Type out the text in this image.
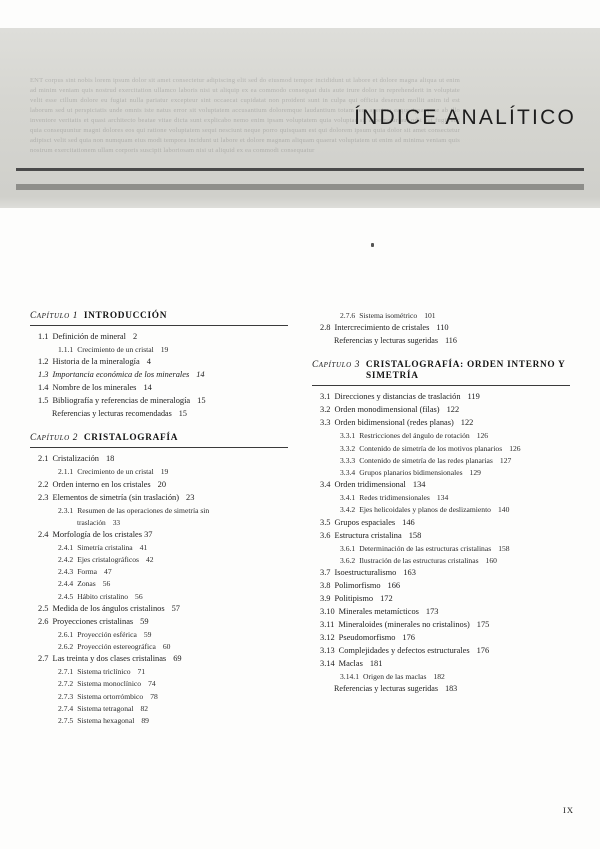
ENT corpus sint nobis lorem ipsum dolor sit amet consectetur adipiscing elit sed do eiusmod tempor incididunt ut labore et dolore magna aliqua ut enim ad minim veniam quis nostrud exercitation ullamco laboris nisi ut aliquip ex ea commodo consequat duis aute irure dolor in reprehenderit in voluptate velit esse cillum dolore eu fugiat nulla pariatur excepteur sint occaecat cupidatat non proident sunt in culpa qui officia deserunt mollit anim id est laborum sed ut perspiciatis unde omnis iste natus error sit voluptatem accusantium doloremque laudantium totam rem aperiam eaque ipsa quae ab illo inventore veritatis et quasi architecto beatae vitae dicta sunt explicabo nemo enim ipsam voluptatem quia voluptas sit aspernatur aut odit aut fugit sed quia consequuntur magni dolores eos qui ratione voluptatem sequi nesciunt neque porro quisquam est qui dolorem ipsum quia dolor sit amet consectetur adipisci velit sed quia non numquam eius modi tempora incidunt ut labore et dolore magnam aliquam quaerat voluptatem ut enim ad minima veniam quis nostrum exercitationem ullam corporis suscipit laboriosam nisi ut aliquid ex ea commodi consequatur
ÍNDICE ANALÍTICO
Capítulo 1  INTRODUCCIÓN
1.1 Definición de mineral 2
1.1.1 Crecimiento de un cristal 19
1.2 Historia de la mineralogía 4
1.3 Importancia económica de los minerales 14
1.4 Nombre de los minerales 14
1.5 Bibliografía y referencias de mineralogía 15
Referencias y lecturas recomendadas 15
Capítulo 2  CRISTALOGRAFÍA
2.1 Cristalización 18
2.1.1 Crecimiento de un cristal 19
2.2 Orden interno en los cristales 20
2.3 Elementos de simetría (sin traslación) 23
2.3.1 Resumen de las operaciones de simetría sin
traslación 33
2.4 Morfología de los cristales 37
2.4.1 Simetría cristalina 41
2.4.2 Ejes cristalográficos 42
2.4.3 Forma 47
2.4.4 Zonas 56
2.4.5 Hábito cristalino 56
2.5 Medida de los ángulos cristalinos 57
2.6 Proyecciones cristalinas 59
2.6.1 Proyección esférica 59
2.6.2 Proyección estereográfica 60
2.7 Las treinta y dos clases cristalinas 69
2.7.1 Sistema triclínico 71
2.7.2 Sistema monoclínico 74
2.7.3 Sistema ortorrómbico 78
2.7.4 Sistema tetragonal 82
2.7.5 Sistema hexagonal 89
2.7.6 Sistema isométrico 101
2.8 Intercrecimiento de cristales 110
Referencias y lecturas sugeridas 116
Capítulo 3  CRISTALOGRAFÍA: ORDEN INTERNO Y
SIMETRÍA
3.1 Direcciones y distancias de traslación 119
3.2 Orden monodimensional (filas) 122
3.3 Orden bidimensional (redes planas) 122
3.3.1 Restricciones del ángulo de rotación 126
3.3.2 Contenido de simetría de los motivos planarios 126
3.3.3 Contenido de simetría de las redes planarias 127
3.3.4 Grupos planarios bidimensionales 129
3.4 Orden tridimensional 134
3.4.1 Redes tridimensionales 134
3.4.2 Ejes helicoidales y planos de deslizamiento 140
3.5 Grupos espaciales 146
3.6 Estructura cristalina 158
3.6.1 Determinación de las estructuras cristalinas 158
3.6.2 Ilustración de las estructuras cristalinas 160
3.7 Isoestructuralismo 163
3.8 Polimorfismo 166
3.9 Politipismo 172
3.10 Minerales metamícticos 173
3.11 Mineraloides (minerales no cristalinos) 175
3.12 Pseudomorfismo 176
3.13 Complejidades y defectos estructurales 176
3.14 Maclas 181
3.14.1 Origen de las maclas 182
Referencias y lecturas sugeridas 183
IX
